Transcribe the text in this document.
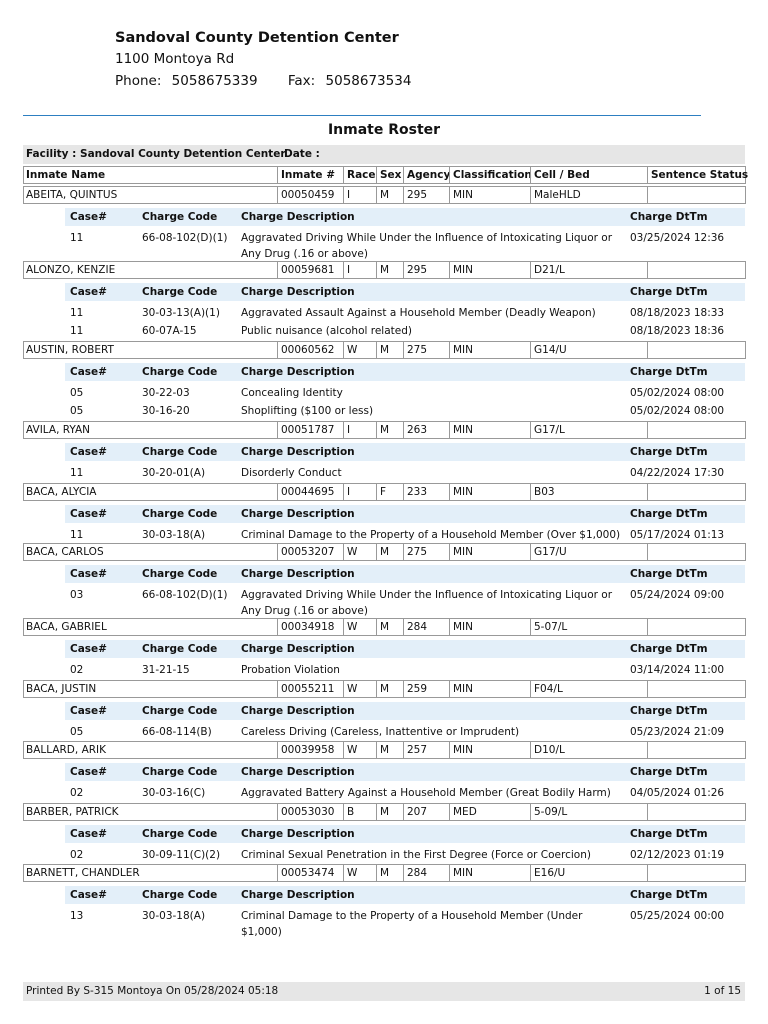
Sandoval County Detention Center
1100 Montoya Rd
Phone: 5058675339 Fax: 5058673534
Inmate Roster
Facility : Sandoval County Detention Center
Date :
Inmate Name	Inmate #	Race Sex Agency Classification Cell / Bed	Sentence Status
ABEITA, QUINTUS	00050459	I	M	295	MIN	MaleHLD
Case#	Charge Code Charge Description	Charge DtTm
11	66-08-102(D)(1) Aggravated Driving While Under the Influence of Intoxicating Liquor or Any Drug (.16 or above)
03/25/2024 12:36
ALONZO, KENZIE	00059681	I	M	295	MIN	D21/L
Case#	Charge Code Charge Description	Charge DtTm
11	30-03-13(A)(1) Aggravated Assault Against a Household Member (Deadly Weapon)	08/18/2023 18:33
11	60-07A-15	Public nuisance (alcohol related)	08/18/2023 18:36
AUSTIN, ROBERT	00060562	W	M	275	MIN	G14/U
Case#	Charge Code Charge Description	Charge DtTm
05	30-22-03	Concealing Identity	05/02/2024 08:00
05	30-16-20	Shoplifting ($100 or less)	05/02/2024 08:00
AVILA, RYAN	00051787	I	M	263	MIN	G17/L
Case#	Charge Code Charge Description	Charge DtTm
11	30-20-01(A)	Disorderly Conduct	04/22/2024 17:30
BACA, ALYCIA	00044695	I	F	233	MIN	B03
Case#	Charge Code Charge Description	Charge DtTm
11	30-03-18(A)	Criminal Damage to the Property of a Household Member (Over $1,000) 05/17/2024 01:13
BACA, CARLOS	00053207	W	M	275	MIN	G17/U
Case#	Charge Code Charge Description	Charge DtTm
03	66-08-102(D)(1) Aggravated Driving While Under the Influence of Intoxicating Liquor or Any Drug (.16 or above)
05/24/2024 09:00
BACA, GABRIEL	00034918	W	M	284	MIN	5-07/L
Case#	Charge Code Charge Description	Charge DtTm
02	31-21-15	Probation Violation	03/14/2024 11:00
BACA, JUSTIN	00055211	W	M	259	MIN	F04/L
Case#	Charge Code Charge Description	Charge DtTm
05	66-08-114(B)	Careless Driving (Careless, Inattentive or Imprudent)	05/23/2024 21:09
BALLARD, ARIK	00039958	W	M	257	MIN	D10/L
Case#	Charge Code Charge Description	Charge DtTm
02	30-03-16(C)	Aggravated Battery Against a Household Member (Great Bodily Harm)	04/05/2024 01:26
BARBER, PATRICK	00053030	B	M	207	MED	5-09/L
Case#	Charge Code Charge Description	Charge DtTm
02	30-09-11(C)(2) Criminal Sexual Penetration in the First Degree (Force or Coercion)	02/12/2023 01:19
BARNETT, CHANDLER	00053474	W	M	284	MIN	E16/U
Case#	Charge Code Charge Description	Charge DtTm
13	30-03-18(A)	Criminal Damage to the Property of a Household Member (Under $1,000)
05/25/2024 00:00
Printed By S-315 Montoya On 05/28/2024 05:18	1 of 15
